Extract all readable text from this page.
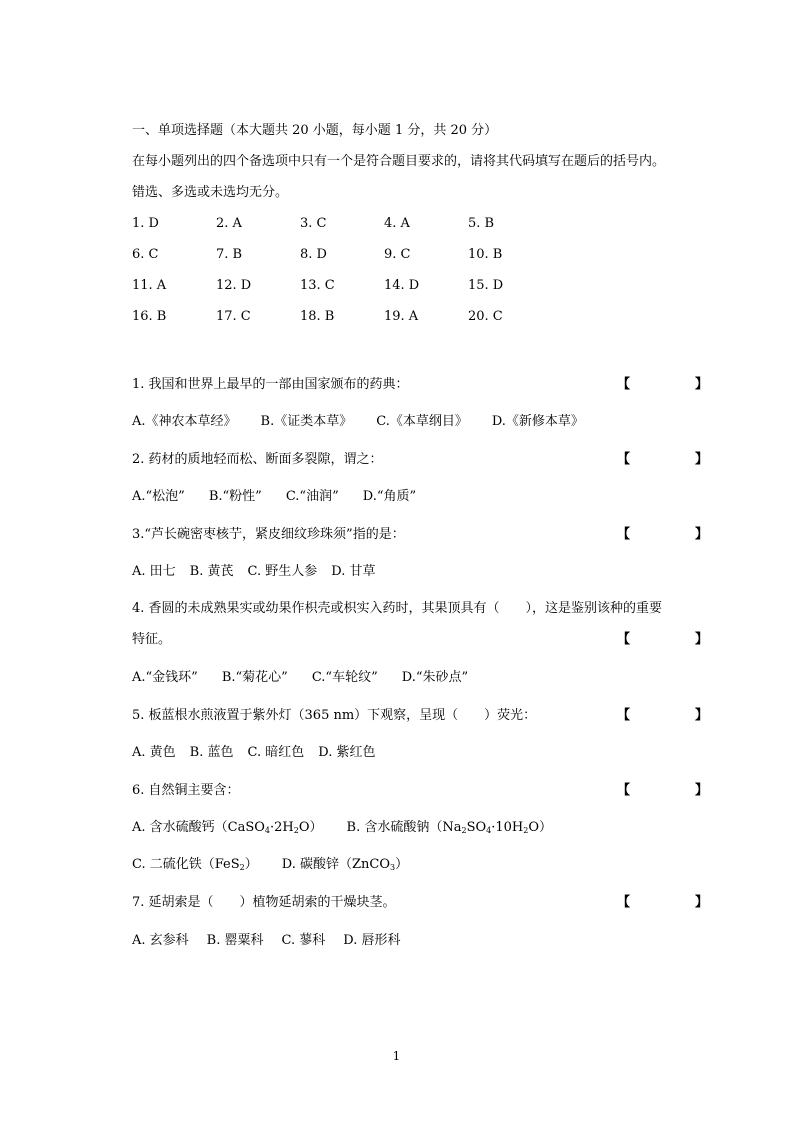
一、单项选择题（本大题共 20 小题，每小题 1 分，共 20 分）
在每小题列出的四个备选项中只有一个是符合题目要求的，请将其代码填写在题后的括号内。
错选、多选或未选均无分。
1. D	2. A	3. C	4. A	5. B
6. C	7. B	8. D	9. C	10. B
11. A	12. D	13. C	14. D	15. D
16. B	17. C	18. B	19. A	20. C
1. 我国和世界上最早的一部由国家颁布的药典：	【　　　　　】
A.《神农本草经》 B.《证类本草》 C.《本草纲目》 D.《新修本草》
2. 药材的质地轻而松、断面多裂隙，谓之：	【　　　　　】
A.“松泡” B.“粉性” C.“油润” D.“角质”
3.“芦长碗密枣核艼，紧皮细纹珍珠须”指的是：	【　　　　　】
A. 田七 B. 黄芪 C. 野生人参 D. 甘草
4. 香圆的未成熟果实或幼果作枳壳或枳实入药时，其果顶具有（　　），这是鉴别该种的重要
特征。	【　　　　　】
A.“金钱环” B.“菊花心” C.“车轮纹” D.“朱砂点”
5. 板蓝根水煎液置于紫外灯（365 nm）下观察，呈现（　　）荧光：	【　　　　　】
A. 黄色 B. 蓝色 C. 暗红色 D. 紫红色
6. 自然铜主要含：	【　　　　　】
A. 含水硫酸钙$(CaSO_4\cdot 2H_2O)$ B. 含水硫酸钠$(Na_2SO_4\cdot 10H_2O)$
C. 二硫化铁（FeS$_2$） D. 碳酸锌（ZnCO$_3$）
7. 延胡索是（　　）植物延胡索的干燥块茎。	【　　　　　】
A. 玄参科 B. 罂粟科 C. 蓼科 D. 唇形科
1
